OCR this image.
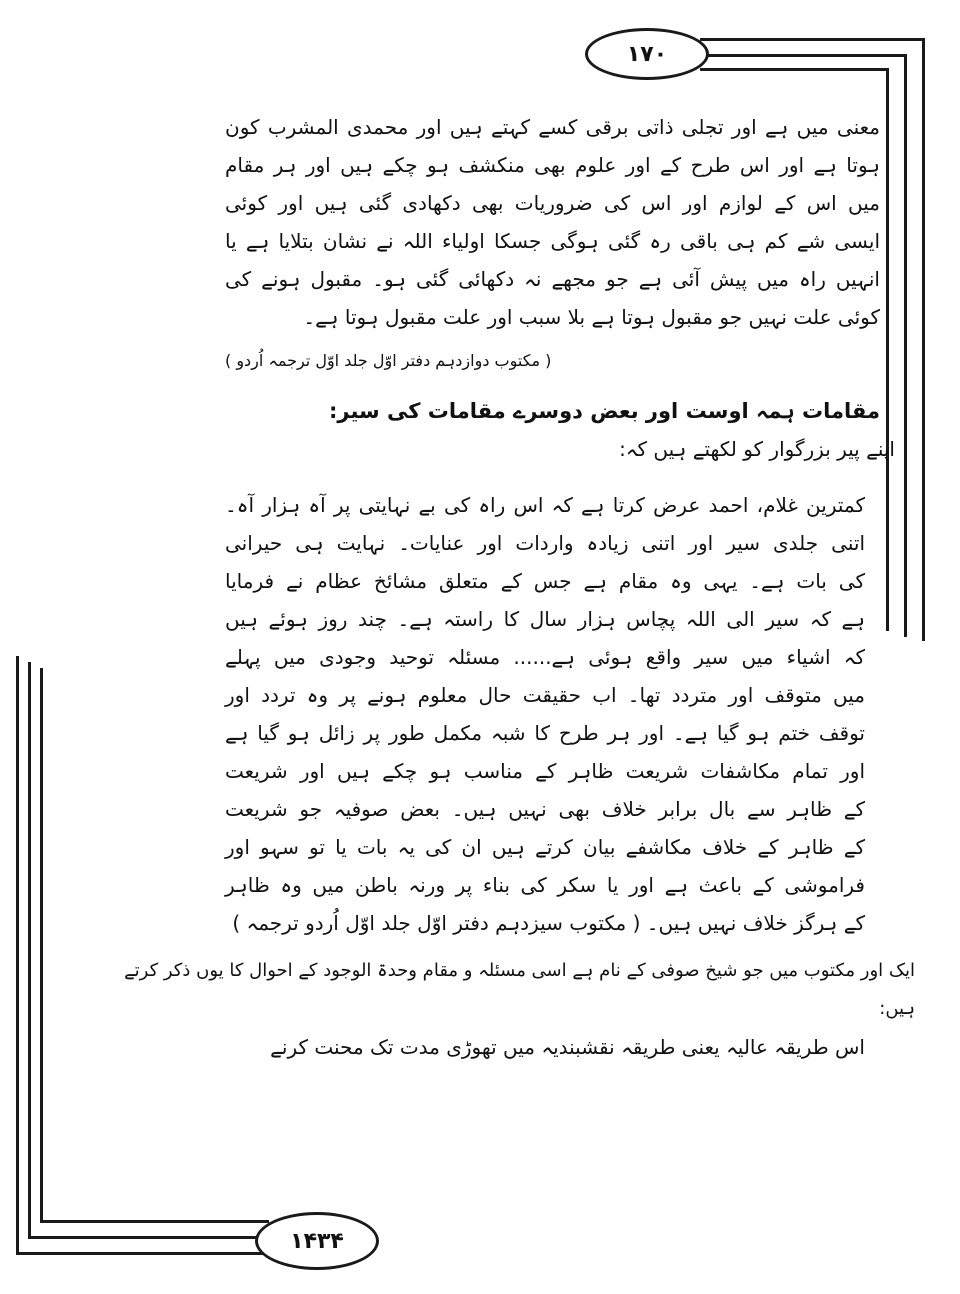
۱۷۰
۱۴۳۴
معنی میں ہے اور تجلی ذاتی برقی کسے کہتے ہیں اور محمدی المشرب کون
ہوتا ہے اور اس طرح کے اور علوم بھی منکشف ہو چکے ہیں اور ہر مقام
میں اس کے لوازم اور اس کی ضروریات بھی دکھادی گئی ہیں اور کوئی
ایسی شے کم ہی باقی رہ گئی ہوگی جسکا اولیاء اللہ نے نشان بتلایا ہے یا
انہیں راہ میں پیش آئی ہے جو مجھے نہ دکھائی گئی ہو۔ مقبول ہونے کی
کوئی علت نہیں جو مقبول ہوتا ہے بلا سبب اور علت مقبول ہوتا ہے۔
( مکتوب دوازدہم دفتر اوّل جلد اوّل ترجمہ اُردو )
مقامات ہمہ اوست اور بعض دوسرے مقامات کی سیر:
اپنے پیر بزرگوار کو لکھتے ہیں کہ:
کمترین غلام، احمد عرض کرتا ہے کہ اس راہ کی بے نہایتی پر آہ ہزار آہ۔
اتنی جلدی سیر اور اتنی زیادہ واردات اور عنایات۔ نہایت ہی حیرانی
کی بات ہے۔ یہی وہ مقام ہے جس کے متعلق مشائخ عظام نے فرمایا
ہے کہ سیر الی اللہ پچاس ہزار سال کا راستہ ہے۔ چند روز ہوئے ہیں
کہ اشیاء میں سیر واقع ہوئی ہے...... مسئلہ توحید وجودی میں پہلے
میں متوقف اور متردد تھا۔ اب حقیقت حال معلوم ہونے پر وہ تردد اور
توقف ختم ہو گیا ہے۔ اور ہر طرح کا شبہ مکمل طور پر زائل ہو گیا ہے
اور تمام مکاشفات شریعت ظاہر کے مناسب ہو چکے ہیں اور شریعت
کے ظاہر سے بال برابر خلاف بھی نہیں ہیں۔ بعض صوفیہ جو شریعت
کے ظاہر کے خلاف مکاشفے بیان کرتے ہیں ان کی یہ بات یا تو سہو اور
فراموشی کے باعث ہے اور یا سکر کی بناء پر ورنہ باطن میں وہ ظاہر
کے ہرگز خلاف نہیں ہیں۔ ( مکتوب سیزدہم دفتر اوّل جلد اوّل اُردو ترجمہ )
ایک اور مکتوب میں جو شیخ صوفی کے نام ہے اسی مسئلہ و مقام وحدۃ الوجود کے احوال کا یوں ذکر کرتے ہیں:
اس طریقہ عالیہ یعنی طریقہ نقشبندیہ میں تھوڑی مدت تک محنت کرنے
